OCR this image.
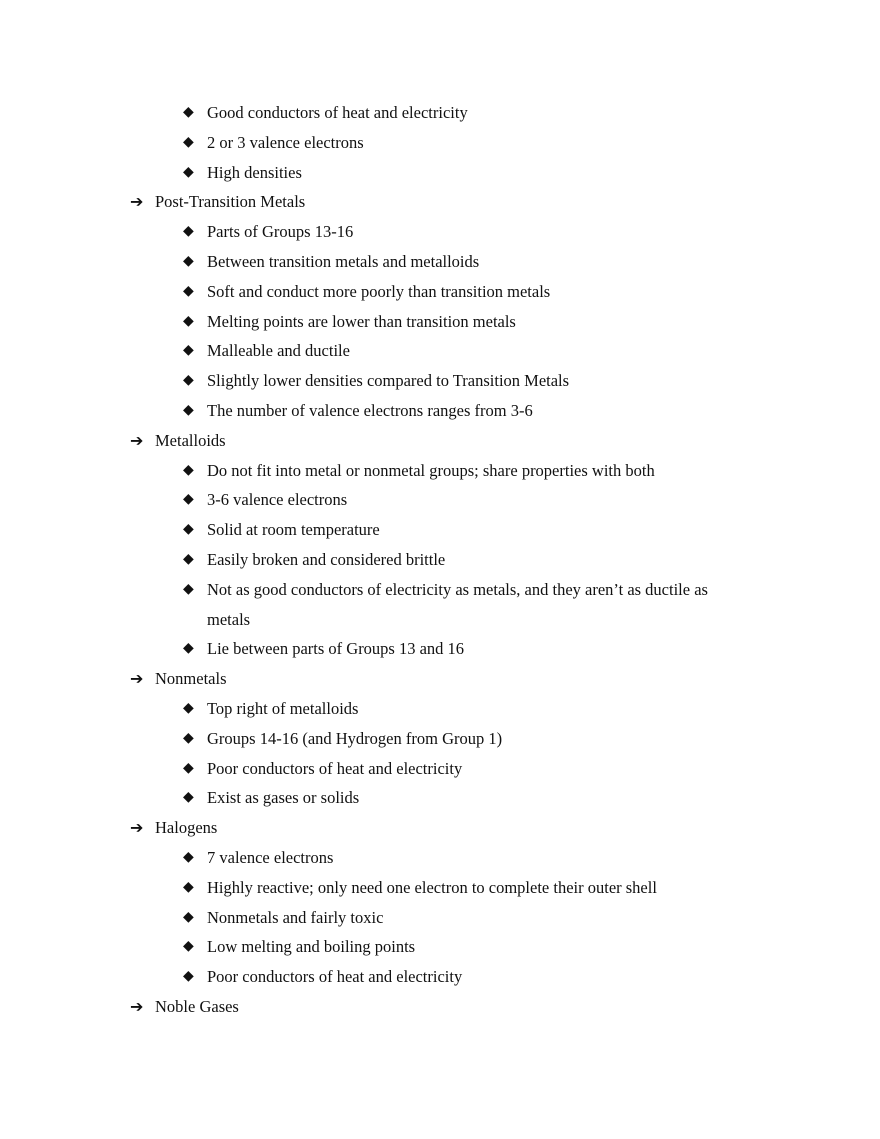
◆ Good conductors of heat and electricity
◆ 2 or 3 valence electrons
◆ High densities
➔ Post-Transition Metals
◆ Parts of Groups 13-16
◆ Between transition metals and metalloids
◆ Soft and conduct more poorly than transition metals
◆ Melting points are lower than transition metals
◆ Malleable and ductile
◆ Slightly lower densities compared to Transition Metals
◆ The number of valence electrons ranges from 3-6
➔ Metalloids
◆ Do not fit into metal or nonmetal groups; share properties with both
◆ 3-6 valence electrons
◆ Solid at room temperature
◆ Easily broken and considered brittle
◆ Not as good conductors of electricity as metals, and they aren’t as ductile as
metals
◆ Lie between parts of Groups 13 and 16
➔ Nonmetals
◆ Top right of metalloids
◆ Groups 14-16 (and Hydrogen from Group 1)
◆ Poor conductors of heat and electricity
◆ Exist as gases or solids
➔ Halogens
◆ 7 valence electrons
◆ Highly reactive; only need one electron to complete their outer shell
◆ Nonmetals and fairly toxic
◆ Low melting and boiling points
◆ Poor conductors of heat and electricity
➔ Noble Gases
